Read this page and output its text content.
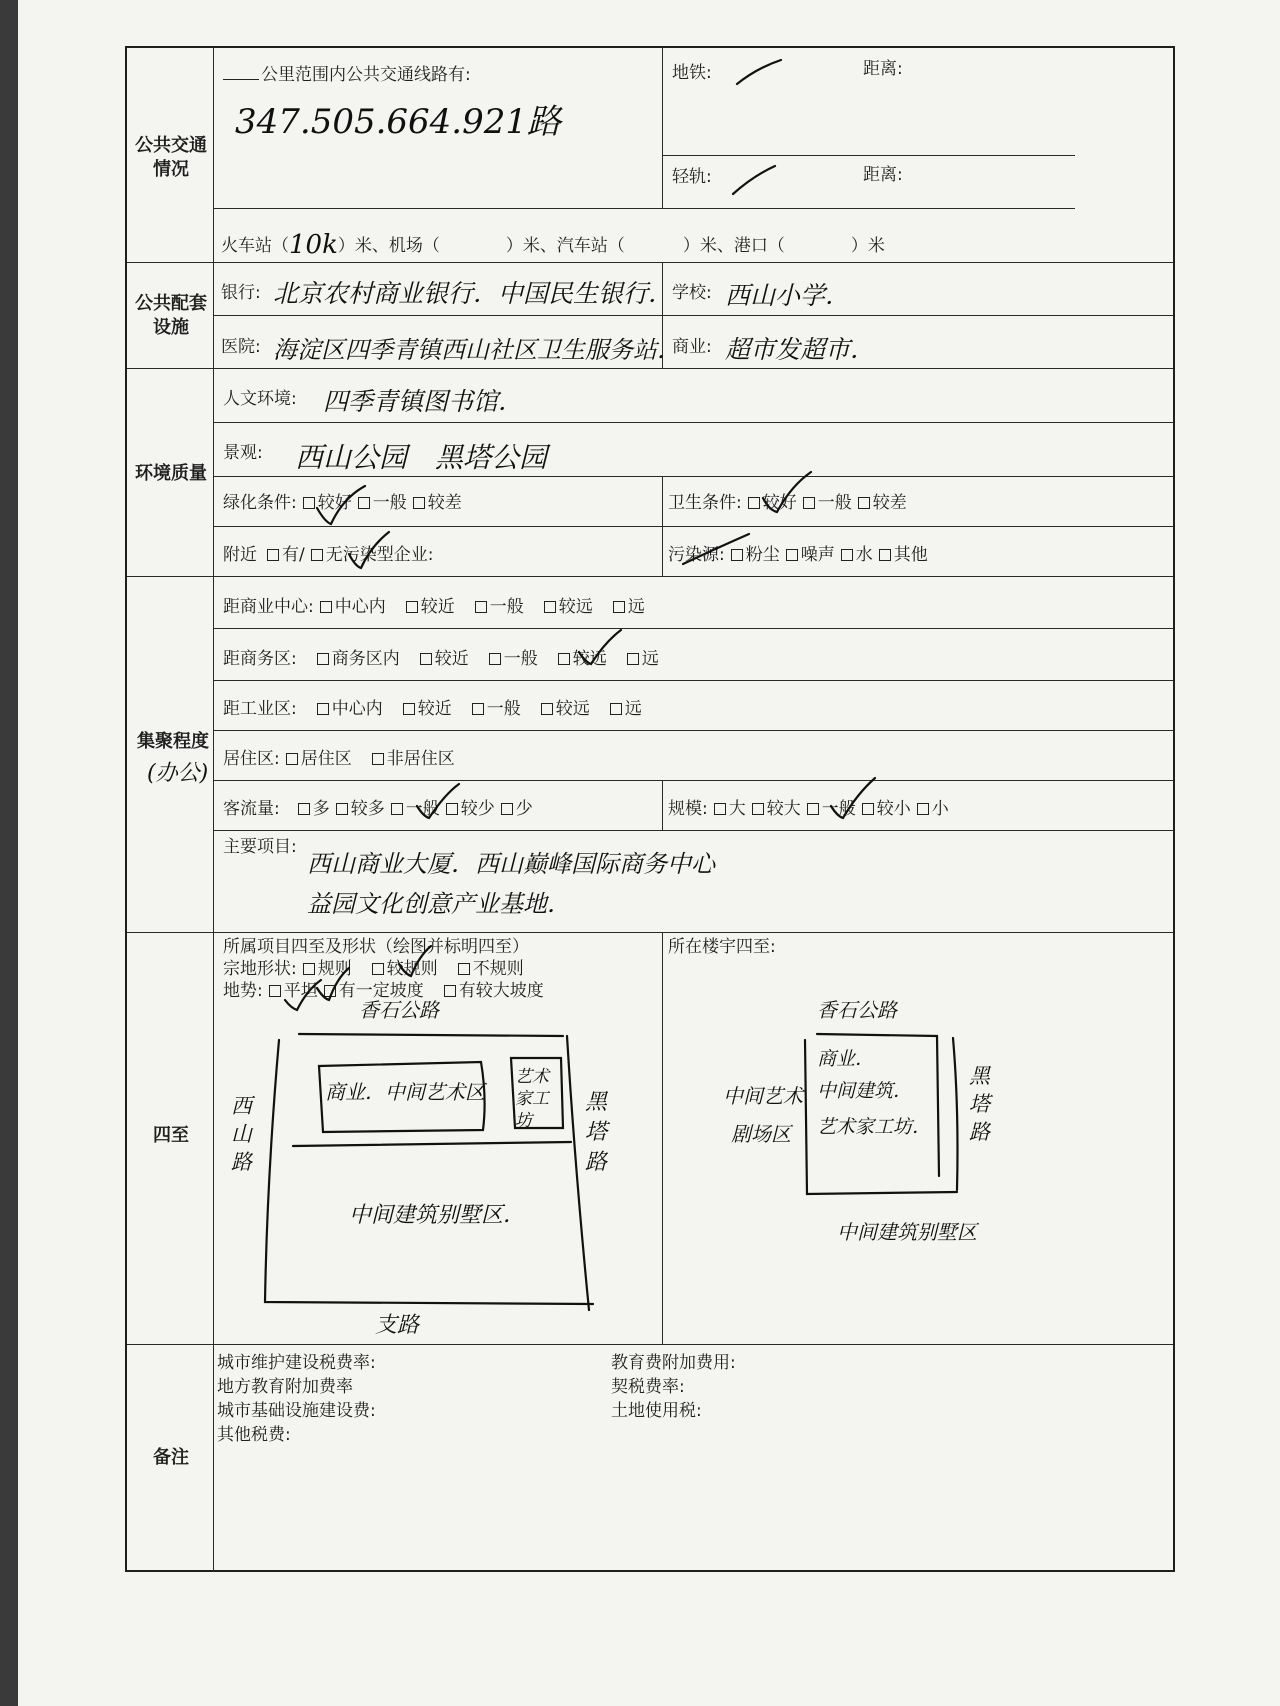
公共交通
情况
公里范围内公共交通线路有:
347.505.664.921路
地铁:	距离:
轻轨:	距离:
火车站（10k）米、机场（	）米、汽车站（	）米、港口（	）米
公共配套
设施
银行: 北京农村商业银行．中国民生银行．
学校: 西山小学．
医院: 海淀区四季青镇西山社区卫生服务站．
商业: 超市发超市．
环境质量
人文环境: 四季青镇图书馆．
景观: 西山公园　黑塔公园
绿化条件: 较好 一般 较差	卫生条件: 较好 一般 较差
附近 有/ 无污染型企业:	污染源: 粉尘 噪声 水 其他
集聚程度
(办公)
距商业中心: 中心内 较近 一般 较远 远
距商务区: 商务区内 较近 一般 较远 远
距工业区: 中心内 较近 一般 较远 远
居住区: 居住区 非居住区
客流量: 多 较多 一般 较少 少	规模: 大 较大 一般 较小 小
主要项目:
西山商业大厦．西山巅峰国际商务中心
益园文化创意产业基地．
四至
所属项目四至及形状（绘图并标明四至）
宗地形状: 规则 较规则 不规则
地势: 平坦 有一定坡度 有较大坡度
所在楼宇四至:
香石公路
西山路
黑塔路
支路
商业．中间艺术区
艺术家工坊
中间建筑别墅区．
香石公路
中间艺术
剧场区
黑塔路
商业．
中间建筑．
艺术家工坊．
中间建筑别墅区
备注
城市维护建设税费率:
地方教育附加费率
城市基础设施建设费:
其他税费:
教育费附加费用:
契税费率:
土地使用税:
